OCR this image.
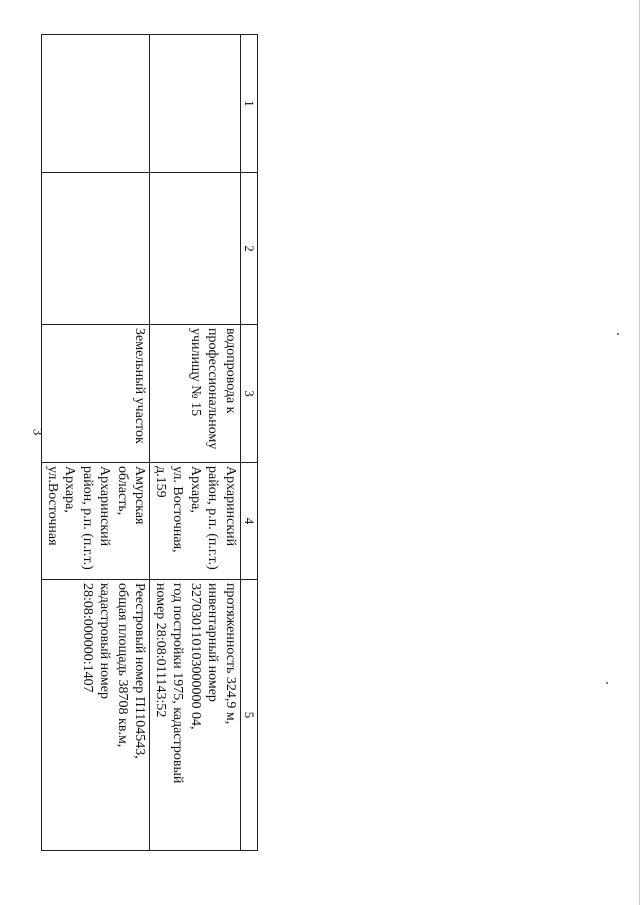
3
1	2	3	4	5

		водопровода к
профессиональному
училищу № 15	Архаринский
район, р.п. (п.г.т.)
Архара,
ул. Восточная,
д.159	протяженность 324,9 м,
инвентарный номер
327030110103000000 04,
год постройки 1975, кадастровый
номер 28:08:011143:52

		Земельный участок	Амурская область,
Архаринский
район, р.п. (п.г.т.)
Архара,
ул.Восточная	Реестровый номер П1104543,
общая площадь 38708 кв.м,
кадастровый номер
28:08:000000:1407
